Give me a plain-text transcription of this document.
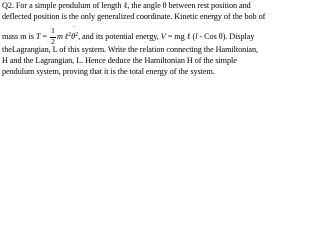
Q2. For a simple pendulum of length ℓ, the angle θ between rest position and
deflected position is the only generalized coordinate. Kinetic energy of the bob of
mass m is $T = \frac{1}{2}$ m ℓ$^2$θ
˙
$^2$, and its potential energy, V = mg ℓ (l - Cos θ). Display
theLagrangian, L of this system. Write the relation connecting the Hamiltonian,
H and the Lagrangian, L. Hence deduce the Hamiltonian H of the simple
pendulum system, proving that it is the total energy of the system.
